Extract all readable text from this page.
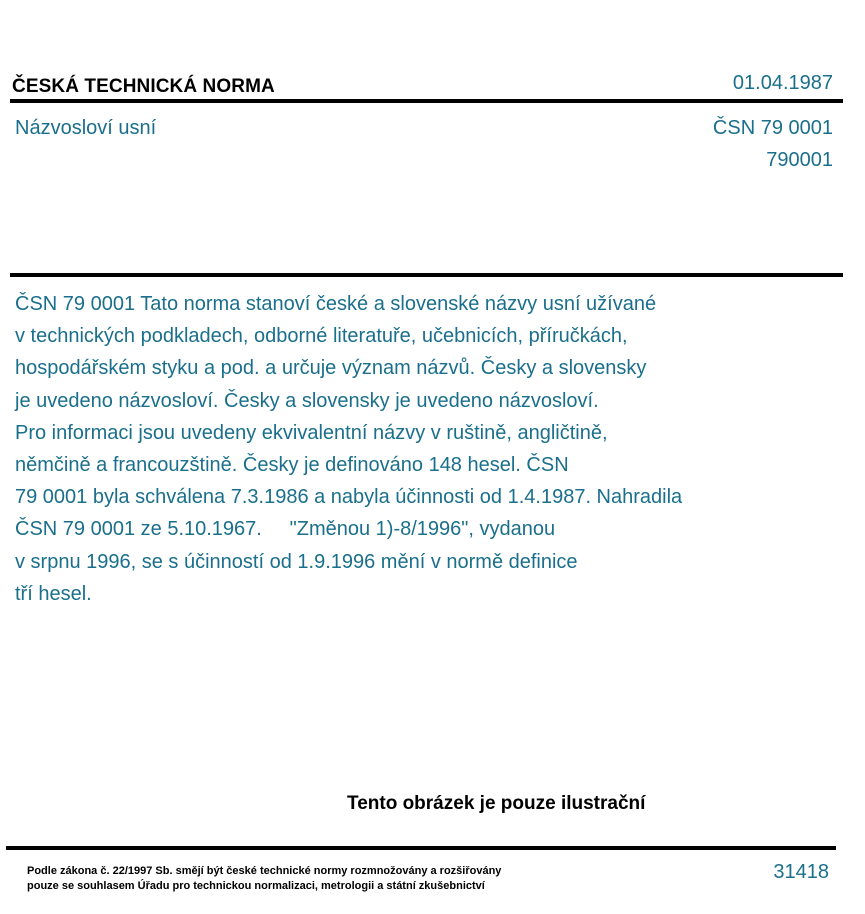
ČESKÁ TECHNICKÁ NORMA	01.04.1987
Názvosloví usní	ČSN 79 0001
790001
ČSN 79 0001 Tato norma stanoví české a slovenské názvy usní užívané
v technických podkladech, odborné literatuře, učebnicích, příručkách,
hospodářském styku a pod. a určuje význam názvů. Česky a slovensky
je uvedeno názvosloví. Česky a slovensky je uvedeno názvosloví.
Pro informaci jsou uvedeny ekvivalentní názvy v ruštině, angličtině,
němčině a francouzštině. Česky je definováno 148 hesel. ČSN
79 0001 byla schválena 7.3.1986 a nabyla účinnosti od 1.4.1987. Nahradila
ČSN 79 0001 ze 5.10.1967.     "Změnou 1)-8/1996", vydanou
v srpnu 1996, se s účinností od 1.9.1996 mění v normě definice
tří hesel.
Tento obrázek je pouze ilustrační
Podle zákona č. 22/1997 Sb. smějí být české technické normy rozmnožovány a rozšiřovány
pouze se souhlasem Úřadu pro technickou normalizaci, metrologii a státní zkušebnictví
31418
